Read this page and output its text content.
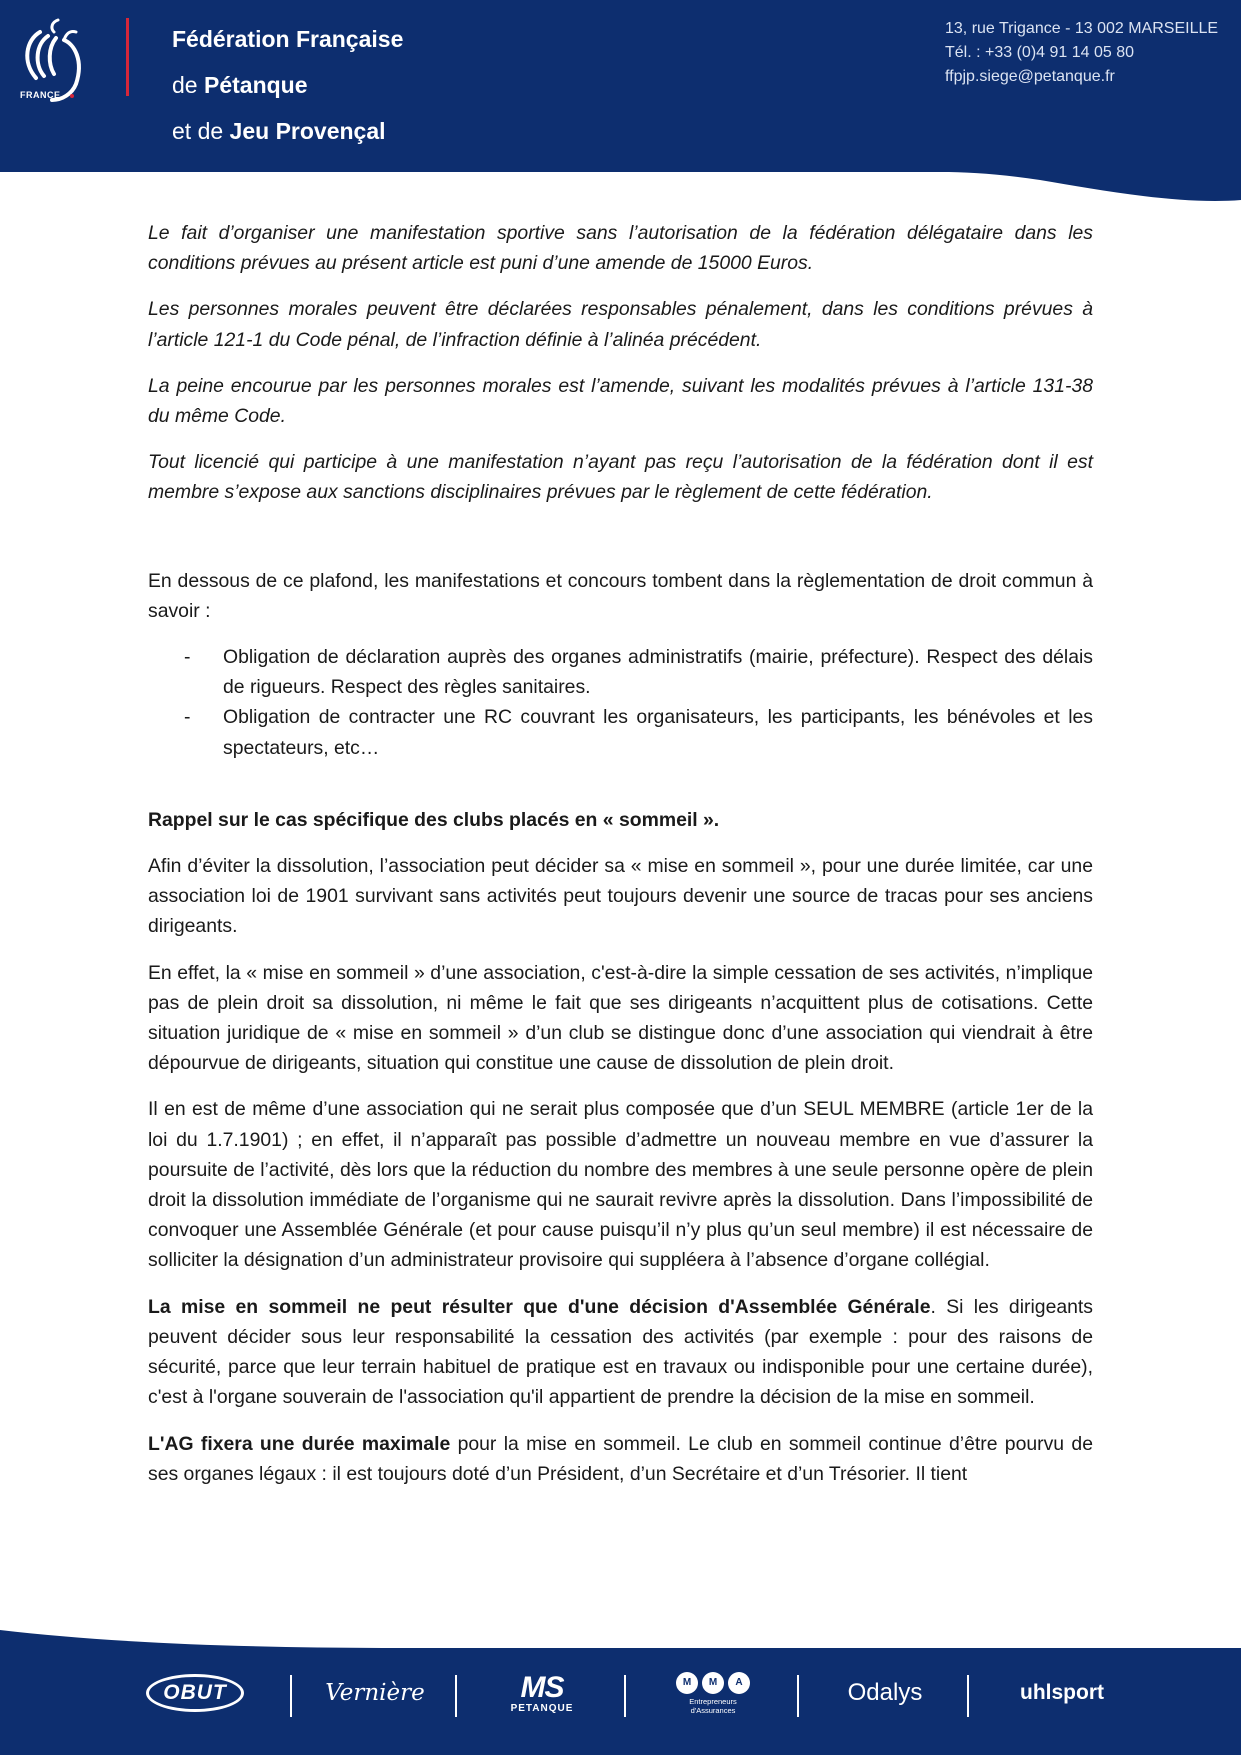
FRANCE
Fédération Française
de Pétanque
et de Jeu Provençal
13, rue Trigance - 13 002 MARSEILLE
Tél. : +33 (0)4 91 14 05 80
ffpjp.siege@petanque.fr

Le fait d’organiser une manifestation sportive sans l’autorisation de la fédération délégataire dans les conditions prévues au présent article est puni d’une amende de 15000 Euros.

Les personnes morales peuvent être déclarées responsables pénalement, dans les conditions prévues à l’article 121-1 du Code pénal, de l’infraction définie à l’alinéa précédent.

La peine encourue par les personnes morales est l’amende, suivant les modalités prévues à l’article 131-38 du même Code.

Tout licencié qui participe à une manifestation n’ayant pas reçu l’autorisation de la fédération dont il est membre s’expose aux sanctions disciplinaires prévues par le règlement de cette fédération.

En dessous de ce plafond, les manifestations et concours tombent dans la règlementation de droit commun à savoir :

- Obligation de déclaration auprès des organes administratifs (mairie, préfecture). Respect des délais de rigueurs. Respect des règles sanitaires.
- Obligation de contracter une RC couvrant les organisateurs, les participants, les bénévoles et les spectateurs, etc…

Rappel sur le cas spécifique des clubs placés en « sommeil ».

Afin d’éviter la dissolution, l’association peut décider sa « mise en sommeil », pour une durée limitée, car une association loi de 1901 survivant sans activités peut toujours devenir une source de tracas pour ses anciens dirigeants.

En effet, la « mise en sommeil » d’une association, c'est-à-dire la simple cessation de ses activités, n’implique pas de plein droit sa dissolution, ni même le fait que ses dirigeants n’acquittent plus de cotisations. Cette situation juridique de « mise en sommeil » d’un club se distingue donc d’une association qui viendrait à être dépourvue de dirigeants, situation qui constitue une cause de dissolution de plein droit.

Il en est de même d’une association qui ne serait plus composée que d’un SEUL MEMBRE (article 1er de la loi du 1.7.1901) ; en effet, il n’apparaît pas possible d’admettre un nouveau membre en vue d’assurer la poursuite de l’activité, dès lors que la réduction du nombre des membres à une seule personne opère de plein droit la dissolution immédiate de l’organisme qui ne saurait revivre après la dissolution. Dans l’impossibilité de convoquer une Assemblée Générale (et pour cause puisqu’il n’y plus qu’un seul membre) il est nécessaire de solliciter la désignation d’un administrateur provisoire qui suppléera à l’absence d’organe collégial.

La mise en sommeil ne peut résulter que d'une décision d'Assemblée Générale. Si les dirigeants peuvent décider sous leur responsabilité la cessation des activités (par exemple : pour des raisons de sécurité, parce que leur terrain habituel de pratique est en travaux ou indisponible pour une certaine durée), c'est à l'organe souverain de l'association qu'il appartient de prendre la décision de la mise en sommeil.

L'AG fixera une durée maximale pour la mise en sommeil. Le club en sommeil continue d’être pourvu de ses organes légaux : il est toujours doté d’un Président, d’un Secrétaire et d’un Trésorier. Il tient

OBUT	Vernière	MS
PETANQUE
M	M	A
Entrepreneurs
d'Assurances
Odalys	uhlsport
